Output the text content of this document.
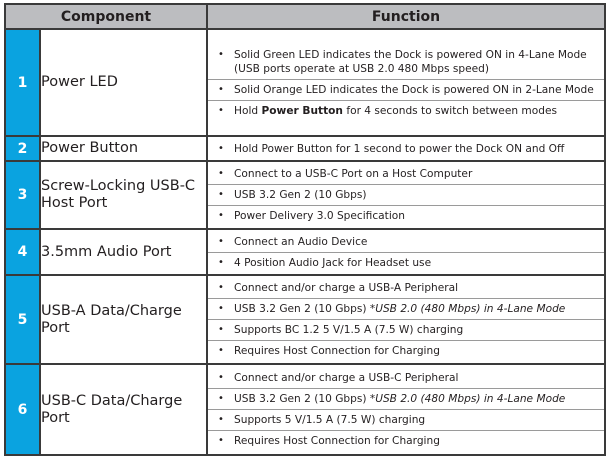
Component		Function
1	Power LED	
• Solid Green LED indicates the Dock is powered ON in 4-Lane Mode (USB ports operate at USB 2.0 480 Mbps speed)
• Solid Orange LED indicates the Dock is powered ON in 2-Lane Mode
• Hold Power Button for 4 seconds to switch between modes

2	Power Button	• Hold Power Button for 1 second to power the Dock ON and Off

3	Screw-Locking USB-C Host Port	
• Connect to a USB-C Port on a Host Computer
• USB 3.2 Gen 2 (10 Gbps)
• Power Delivery 3.0 Specification

4	3.5mm Audio Port	
• Connect an Audio Device
• 4 Position Audio Jack for Headset use

5	USB-A Data/Charge Port	
• Connect and/or charge a USB-A Peripheral
• USB 3.2 Gen 2 (10 Gbps) *USB 2.0 (480 Mbps) in 4-Lane Mode
• Supports BC 1.2 5 V/1.5 A (7.5 W) charging
• Requires Host Connection for Charging

6	USB-C Data/Charge Port	
• Connect and/or charge a USB-C Peripheral
• USB 3.2 Gen 2 (10 Gbps) *USB 2.0 (480 Mbps) in 4-Lane Mode
• Supports 5 V/1.5 A (7.5 W) charging
• Requires Host Connection for Charging
